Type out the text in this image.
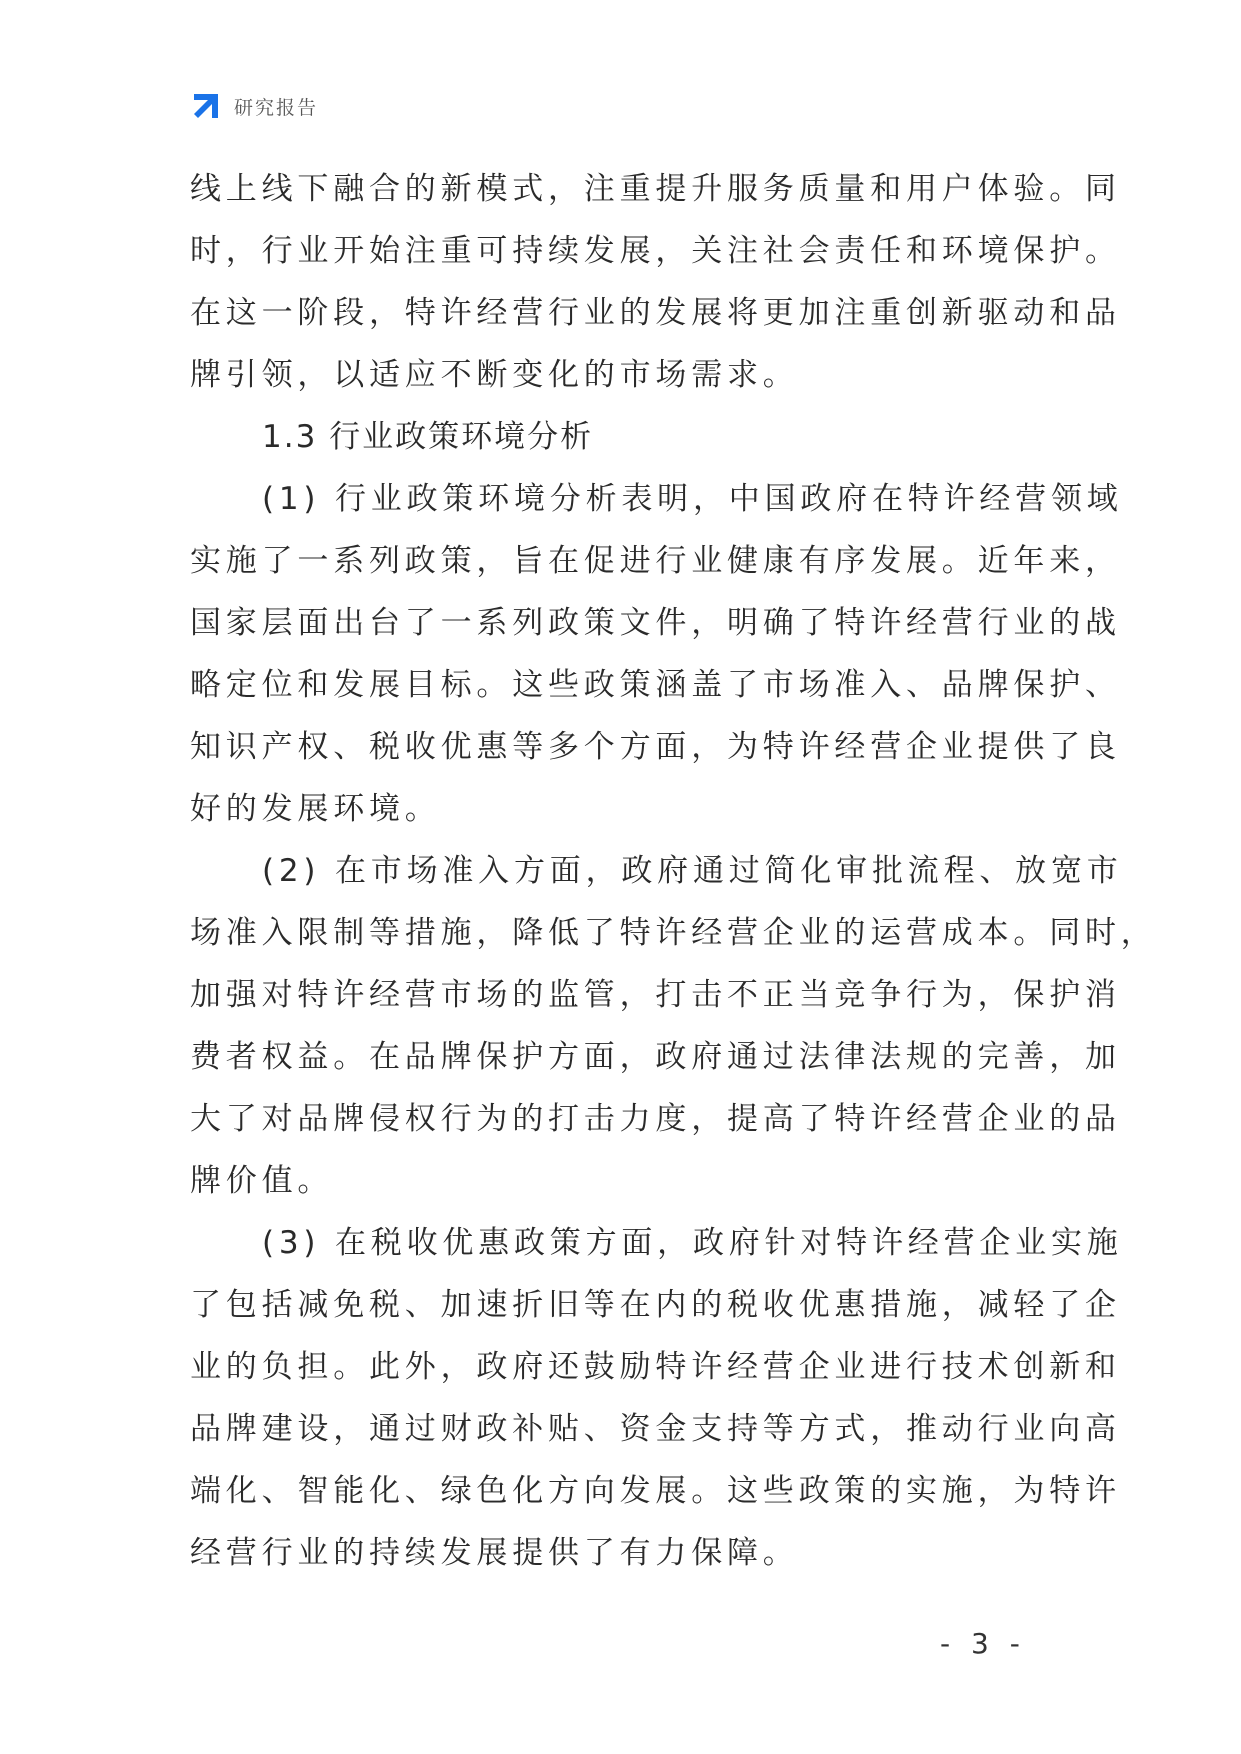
研究报告
线上线下融合的新模式，注重提升服务质量和用户体验。同
时，行业开始注重可持续发展，关注社会责任和环境保护。
在这一阶段，特许经营行业的发展将更加注重创新驱动和品
牌引领，以适应不断变化的市场需求。
1.3 行业政策环境分析
(1) 行业政策环境分析表明，中国政府在特许经营领域
实施了一系列政策，旨在促进行业健康有序发展。近年来，
国家层面出台了一系列政策文件，明确了特许经营行业的战
略定位和发展目标。这些政策涵盖了市场准入、品牌保护、
知识产权、税收优惠等多个方面，为特许经营企业提供了良
好的发展环境。
(2) 在市场准入方面，政府通过简化审批流程、放宽市
场准入限制等措施，降低了特许经营企业的运营成本。同时，
加强对特许经营市场的监管，打击不正当竞争行为，保护消
费者权益。在品牌保护方面，政府通过法律法规的完善，加
大了对品牌侵权行为的打击力度，提高了特许经营企业的品
牌价值。
(3) 在税收优惠政策方面，政府针对特许经营企业实施
了包括减免税、加速折旧等在内的税收优惠措施，减轻了企
业的负担。此外，政府还鼓励特许经营企业进行技术创新和
品牌建设，通过财政补贴、资金支持等方式，推动行业向高
端化、智能化、绿色化方向发展。这些政策的实施，为特许
经营行业的持续发展提供了有力保障。
- 3 -
